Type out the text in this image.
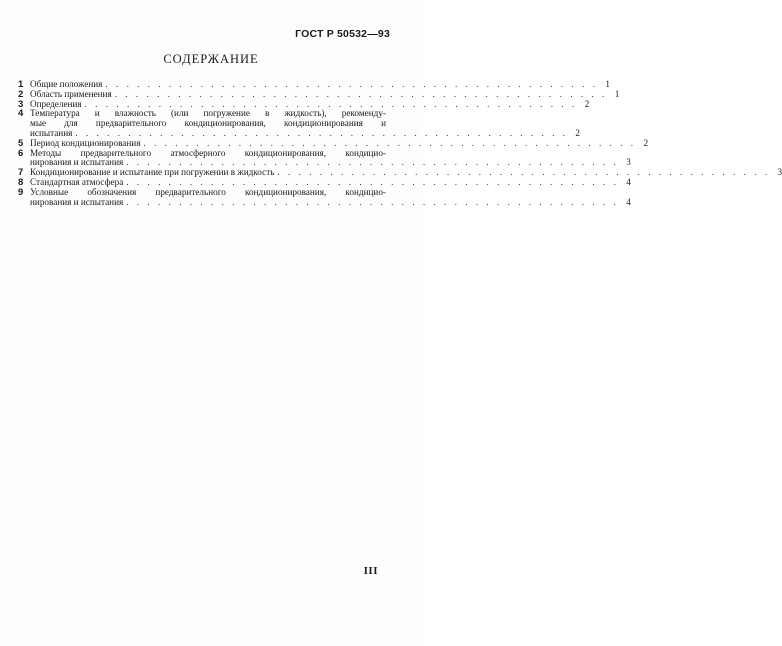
ГОСТ Р 50532—93
СОДЕРЖАНИЕ
1 Общие положения . . . . . . . . . . . . . . . . . . . . . . . . . . . . . . . . . . . . . . . . . . . . . . . 1
2 Область применения . . . . . . . . . . . . . . . . . . . . . . . . . . . . . . . . . . . . . . . . . . . . . . . 1
3 Определения . . . . . . . . . . . . . . . . . . . . . . . . . . . . . . . . . . . . . . . . . . . . . . . 2
4 Температура и влажность (или погружение в жидкость), рекоменду-
мые для предварительного кондиционирования, кондиционирования и
испытания . . . . . . . . . . . . . . . . . . . . . . . . . . . . . . . . . . . . . . . . . . . . . . . 2
5 Период кондиционирования . . . . . . . . . . . . . . . . . . . . . . . . . . . . . . . . . . . . . . . . . . . . . . . 2
6 Методы предварительного атмосферного кондиционирования, кондицио-
нирования и испытания . . . . . . . . . . . . . . . . . . . . . . . . . . . . . . . . . . . . . . . . . . . . . . . 3
7 Кондиционирование и испытание при погружении в жидкость . . . . . . . . . . . . . . . . . . . . . . . . . . . . . . . . . . . . . . . . . . . . . . . 3
8 Стандартная атмосфера . . . . . . . . . . . . . . . . . . . . . . . . . . . . . . . . . . . . . . . . . . . . . . . 4
9 Условные обозначения предварительного кондиционирования, кондицио-
нирования и испытания . . . . . . . . . . . . . . . . . . . . . . . . . . . . . . . . . . . . . . . . . . . . . . . 4
III
